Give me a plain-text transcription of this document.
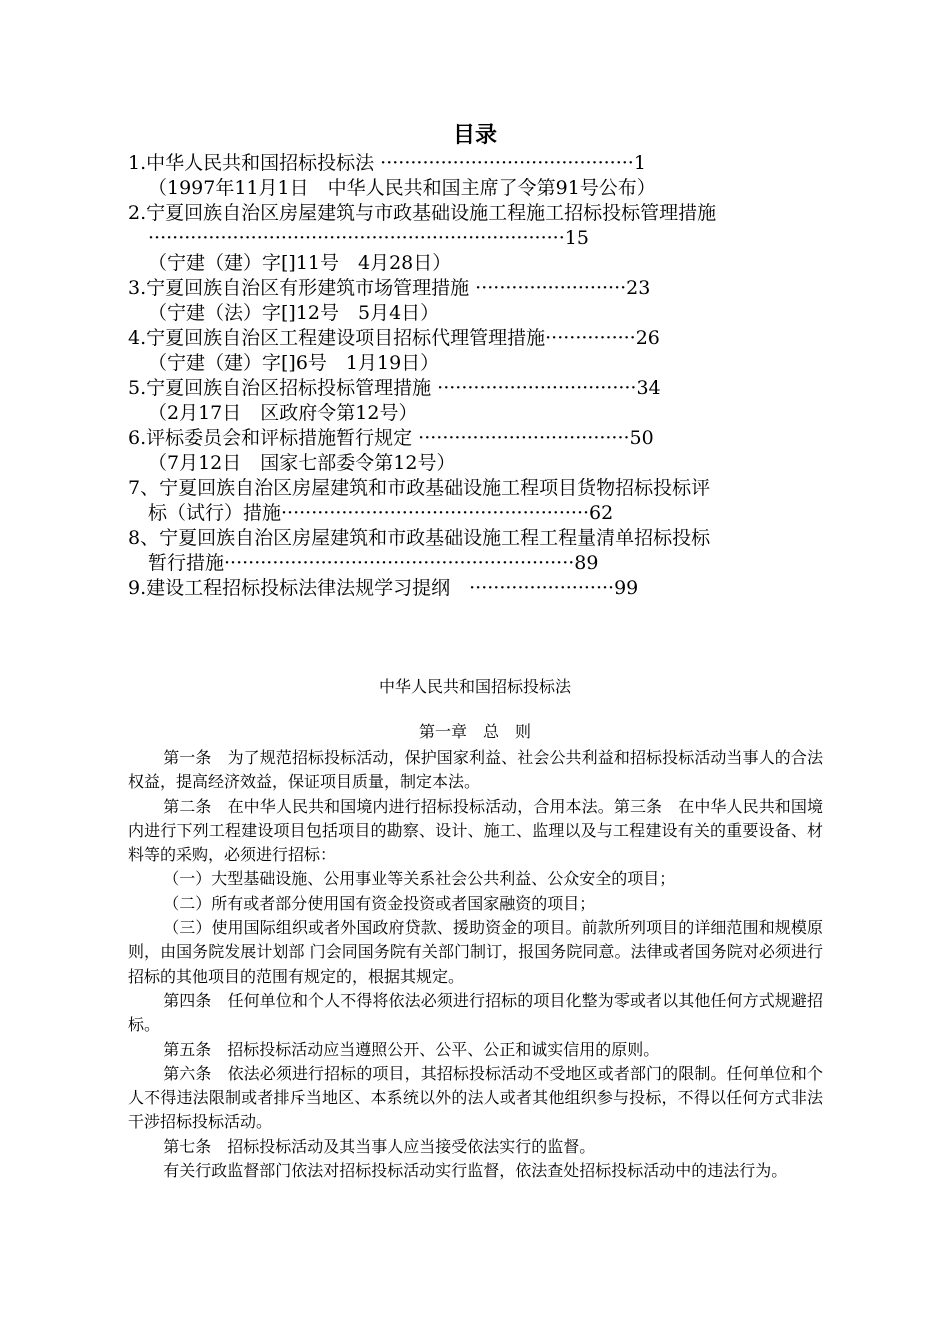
目录
1.中华人民共和国招标投标法 ··········································1
（1997年11月1日　中华人民共和国主席了令第91号公布）
2.宁夏回族自治区房屋建筑与市政基础设施工程施工招标投标管理措施
·····································································15
（宁建（建）字[]11号　4月28日）
3.宁夏回族自治区有形建筑市场管理措施 ·························23
（宁建（法）字[]12号　5月4日）
4.宁夏回族自治区工程建设项目招标代理管理措施···············26
（宁建（建）字[]6号　1月19日）
5.宁夏回族自治区招标投标管理措施 ·································34
（2月17日　区政府令第12号）
6.评标委员会和评标措施暂行规定 ···································50
（7月12日　国家七部委令第12号）
7、宁夏回族自治区房屋建筑和市政基础设施工程项目货物招标投标评
标（试行）措施···················································62
8、宁夏回族自治区房屋建筑和市政基础设施工程工程量清单招标投标
暂行措施··························································89
9.建设工程招标投标法律法规学习提纲　························99
中华人民共和国招标投标法
第一章　总　则

第一条　为了规范招标投标活动，保护国家利益、社会公共利益和招标投标活动当事人的合法权益，提高经济效益，保证项目质量，制定本法。

第二条　在中华人民共和国境内进行招标投标活动，合用本法。第三条　在中华人民共和国境内进行下列工程建设项目包括项目的勘察、设计、施工、监理以及与工程建设有关的重要设备、材料等的采购，必须进行招标：

（一）大型基础设施、公用事业等关系社会公共利益、公众安全的项目；

（二）所有或者部分使用国有资金投资或者国家融资的项目；

（三）使用国际组织或者外国政府贷款、援助资金的项目。前款所列项目的详细范围和规模原则，由国务院发展计划部 门会同国务院有关部门制订，报国务院同意。法律或者国务院对必须进行招标的其他项目的范围有规定的，根据其规定。

第四条　任何单位和个人不得将依法必须进行招标的项目化整为零或者以其他任何方式规避招标。

第五条　招标投标活动应当遵照公开、公平、公正和诚实信用的原则。

第六条　依法必须进行招标的项目，其招标投标活动不受地区或者部门的限制。任何单位和个人不得违法限制或者排斥当地区、本系统以外的法人或者其他组织参与投标，不得以任何方式非法干涉招标投标活动。

第七条　招标投标活动及其当事人应当接受依法实行的监督。

有关行政监督部门依法对招标投标活动实行监督，依法查处招标投标活动中的违法行为。
